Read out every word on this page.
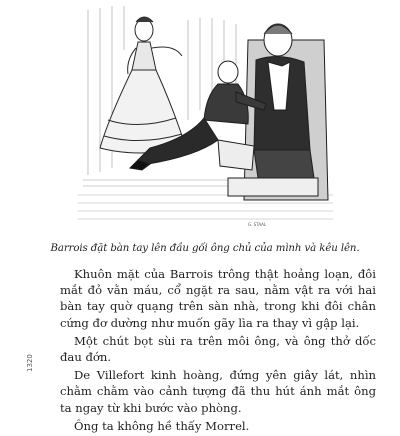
G. STAAL
Barrois đặt bàn tay lên đầu gối ông chủ của mình và kêu lên.

Khuôn mặt của Barrois trông thật hoảng loạn, đôi mắt đỏ vằn máu, cổ ngặt ra sau, nằm vật ra với hai bàn tay quờ quạng trên sàn nhà, trong khi đôi chân cứng đơ dường như muốn gãy lìa ra thay vì gập lại.

Một chút bọt sùi ra trên môi ông, và ông thở dốc đau đớn.

De Villefort kinh hoàng, đứng yên giây lát, nhìn chằm chằm vào cảnh tượng đã thu hút ánh mắt ông ta ngay từ khi bước vào phòng.

Ông ta không hề thấy Morrel.

1320
